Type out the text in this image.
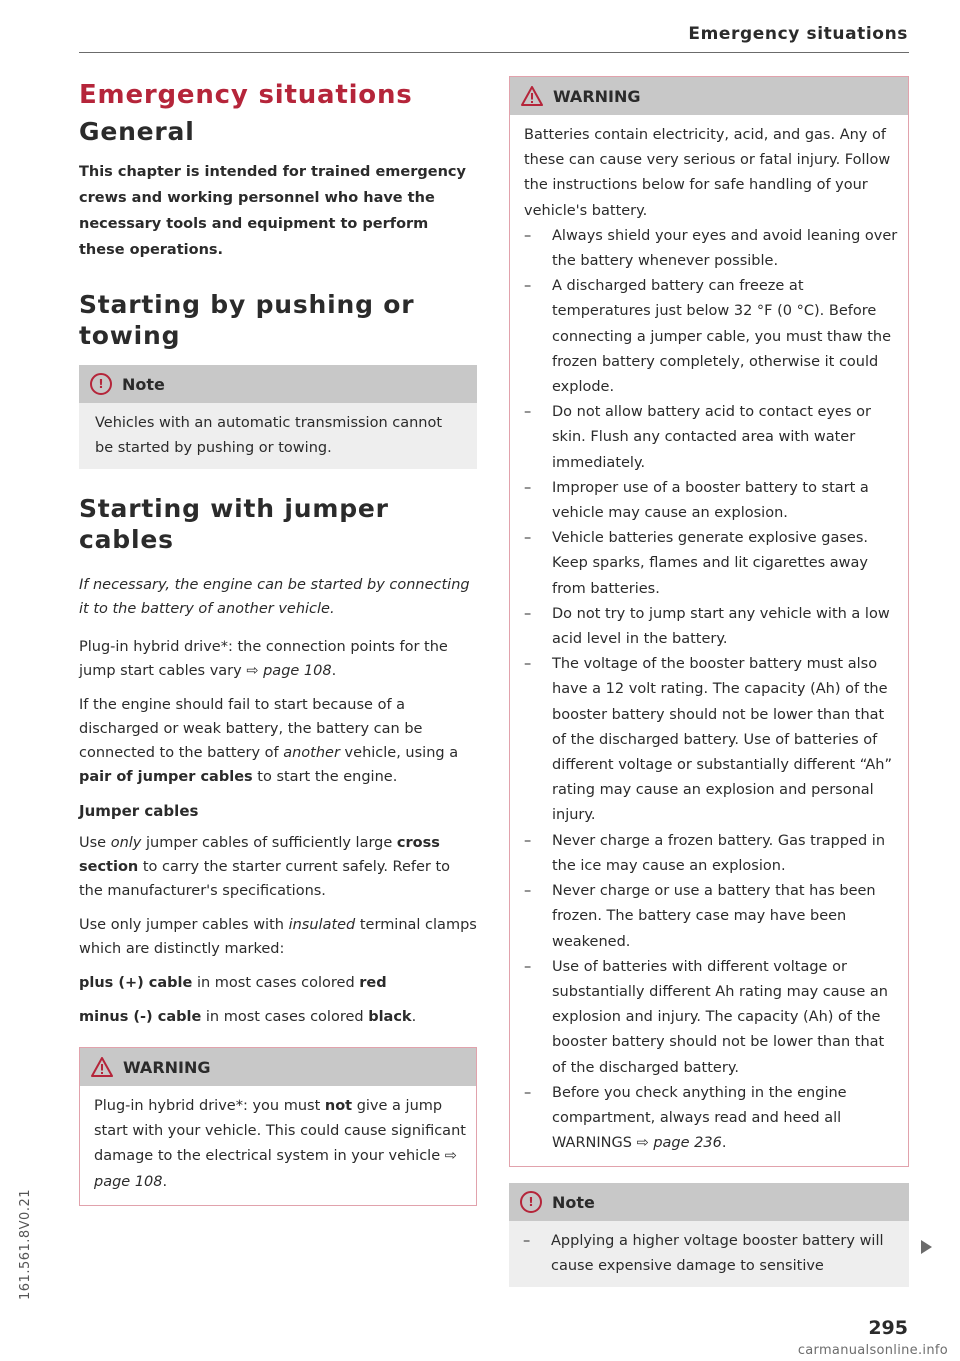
Emergency situations
Emergency situations
General

This chapter is intended for trained emergency crews and working personnel who have the necessary tools and equipment to perform these operations.

Starting by pushing or towing
!	Note
Vehicles with an automatic transmission cannot be started by pushing or towing.
Starting with jumper cables

If necessary, the engine can be started by connecting it to the battery of another vehicle.

Plug-in hybrid drive*: the connection points for the jump start cables vary ⇨ page 108.

If the engine should fail to start because of a discharged or weak battery, the battery can be connected to the battery of another vehicle, using a pair of jumper cables to start the engine.

Jumper cables

Use only jumper cables of sufficiently large cross section to carry the starter current safely. Refer to the manufacturer's specifications.

Use only jumper cables with insulated terminal clamps which are distinctly marked:

plus (+) cable in most cases colored red

minus (-) cable in most cases colored black.

WARNING
Plug-in hybrid drive*: you must not give a jump start with your vehicle. This could cause significant damage to the electrical system in your vehicle ⇨ page 108.
WARNING
Batteries contain electricity, acid, and gas. Any of these can cause very serious or fatal injury. Follow the instructions below for safe handling of your vehicle's battery.
– Always shield your eyes and avoid leaning over the battery whenever possible.
– A discharged battery can freeze at temperatures just below 32 °F (0 °C). Before connecting a jumper cable, you must thaw the frozen battery completely, otherwise it could explode.
– Do not allow battery acid to contact eyes or skin. Flush any contacted area with water immediately.
– Improper use of a booster battery to start a vehicle may cause an explosion.
– Vehicle batteries generate explosive gases. Keep sparks, flames and lit cigarettes away from batteries.
– Do not try to jump start any vehicle with a low acid level in the battery.
– The voltage of the booster battery must also have a 12 volt rating. The capacity (Ah) of the booster battery should not be lower than that of the discharged battery. Use of batteries of different voltage or substantially different “Ah” rating may cause an explosion and personal injury.
– Never charge a frozen battery. Gas trapped in the ice may cause an explosion.
– Never charge or use a battery that has been frozen. The battery case may have been weakened.
– Use of batteries with different voltage or substantially different Ah rating may cause an explosion and injury. The capacity (Ah) of the booster battery should not be lower than that of the discharged battery.
– Before you check anything in the engine compartment, always read and heed all WARNINGS ⇨ page 236.
!	Note
– Applying a higher voltage booster battery will cause expensive damage to sensitive
295
161.561.8V0.21
carmanualsonline.info
